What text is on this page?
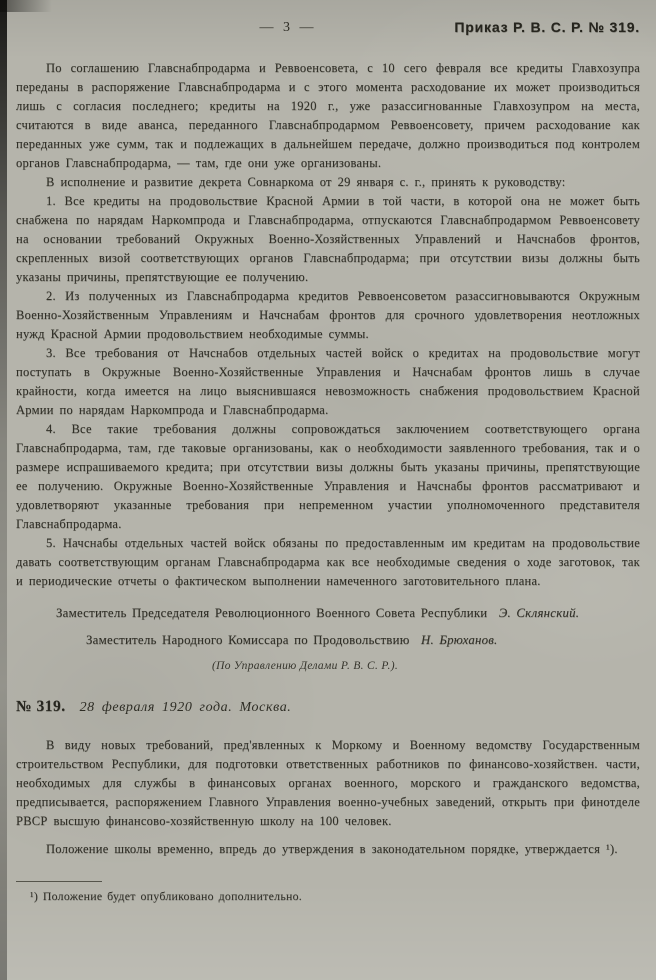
— 3 —	Приказ Р. В. С. Р. № 319.

По соглашению Главснабпродарма и Реввоенсовета, с 10 сего февраля все кредиты Главхозупра переданы в распоряжение Главснабпродарма и с этого момента расходование их может производиться лишь с согласия последнего; кредиты на 1920 г., уже разассигнованные Главхозупром на места, считаются в виде аванса, переданного Главснабпродармом Реввоенсовету, причем расходование как переданных уже сумм, так и подлежащих в дальнейшем передаче, должно производиться под контролем органов Главснабпродарма, — там, где они уже организованы.

В исполнение и развитие декрета Совнаркома от 29 января с. г., принять к руководству:

1. Все кредиты на продовольствие Красной Армии в той части, в которой она не может быть снабжена по нарядам Наркомпрода и Главснабпродарма, отпускаются Главснабпродармом Реввоенсовету на основании требований Окружных Военно-Хозяйственных Управлений и Начснабов фронтов, скрепленных визой соответствующих органов Главснабпродарма; при отсутствии визы должны быть указаны причины, препятствующие ее получению.

2. Из полученных из Главснабпродарма кредитов Реввоенсоветом разассигновываются Окружным Военно-Хозяйственным Управлениям и Начснабам фронтов для срочного удовлетворения неотложных нужд Красной Армии продовольствием необходимые суммы.

3. Все требования от Начснабов отдельных частей войск о кредитах на продовольствие могут поступать в Окружные Военно-Хозяйственные Управления и Начснабам фронтов лишь в случае крайности, когда имеется на лицо выяснившаяся невозможность снабжения продовольствием Красной Армии по нарядам Наркомпрода и Главснабпродарма.

4. Все такие требования должны сопровождаться заключением соответствующего органа Главснабпродарма, там, где таковые организованы, как о необходимости заявленного требования, так и о размере испрашиваемого кредита; при отсутствии визы должны быть указаны причины, препятствующие ее получению. Окружные Военно-Хозяйственные Управления и Начснабы фронтов рассматривают и удовлетворяют указанные требования при непременном участии уполномоченного представителя Главснабпродарма.

5. Начснабы отдельных частей войск обязаны по предоставленным им кредитам на продовольствие давать соответствующим органам Главснабпродарма как все необходимые сведения о ходе заготовок, так и периодические отчеты о фактическом выполнении намеченного заготовительного плана.

Заместитель Председателя Революционного Военного Совета Республики Э. Склянский.

Заместитель Народного Комиссара по Продовольствию Н. Брюханов.

(По Управлению Делами Р. В. С. Р.).

№ 319. 28 февраля 1920 года. Москва.

В виду новых требований, пред'явленных к Моркому и Военному ведомству Государственным строительством Республики, для подготовки ответственных работников по финансово-хозяйствен. части, необходимых для службы в финансовых органах военного, морского и гражданского ведомства, предписывается, распоряжением Главного Управления военно-учебных заведений, открыть при финотделе РВСР высшую финансово-хозяйственную школу на 100 человек.

Положение школы временно, впредь до утверждения в законодательном порядке, утверждается ¹).

¹) Положение будет опубликовано дополнительно.
